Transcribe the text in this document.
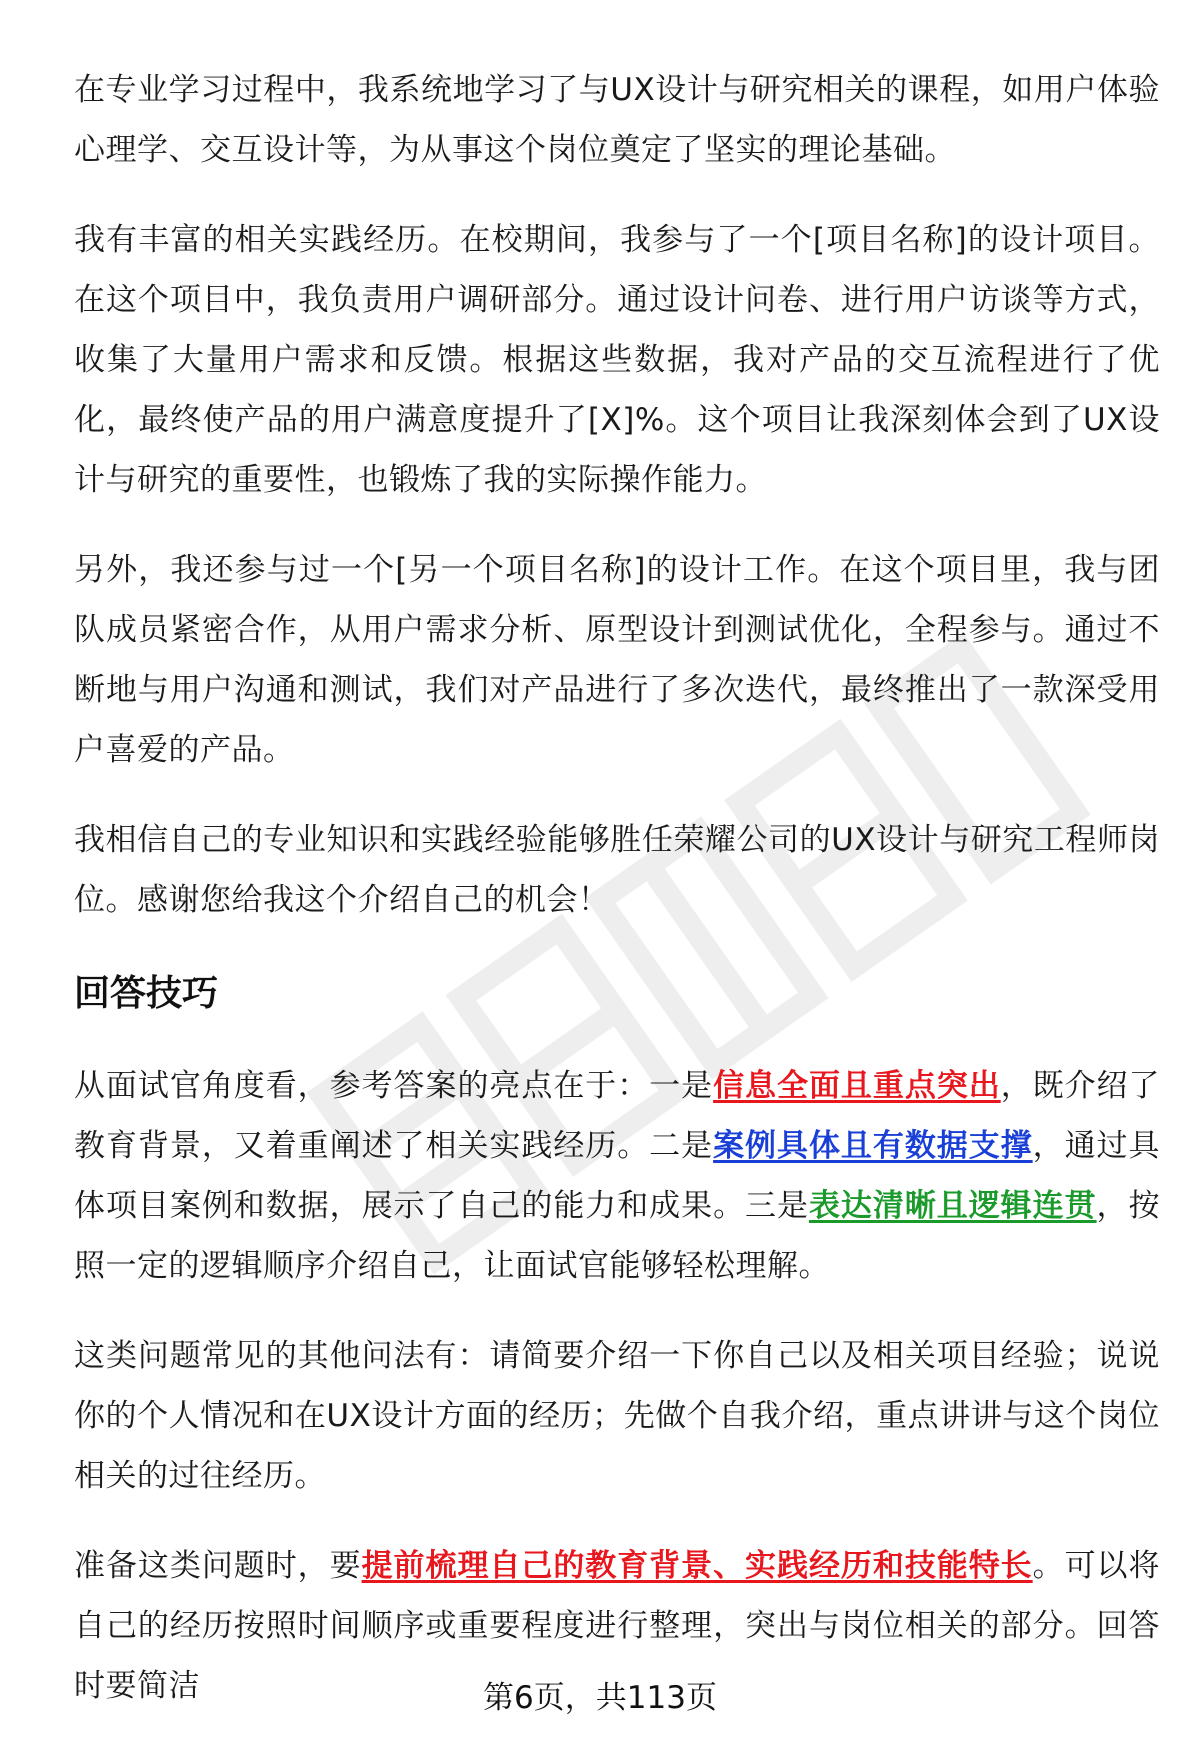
在专业学习过程中，我系统地学习了与UX设计与研究相关的课程，如用户体验心理学、交互设计等，为从事这个岗位奠定了坚实的理论基础。

我有丰富的相关实践经历。在校期间，我参与了一个[项目名称]的设计项目。在这个项目中，我负责用户调研部分。通过设计问卷、进行用户访谈等方式，收集了大量用户需求和反馈。根据这些数据，我对产品的交互流程进行了优化，最终使产品的用户满意度提升了[X]%。这个项目让我深刻体会到了UX设计与研究的重要性，也锻炼了我的实际操作能力。

另外，我还参与过一个[另一个项目名称]的设计工作。在这个项目里，我与团队成员紧密合作，从用户需求分析、原型设计到测试优化，全程参与。通过不断地与用户沟通和测试，我们对产品进行了多次迭代，最终推出了一款深受用户喜爱的产品。

我相信自己的专业知识和实践经验能够胜任荣耀公司的UX设计与研究工程师岗位。感谢您给我这个介绍自己的机会！

回答技巧

从面试官角度看，参考答案的亮点在于：一是信息全面且重点突出，既介绍了教育背景，又着重阐述了相关实践经历。二是案例具体且有数据支撑，通过具体项目案例和数据，展示了自己的能力和成果。三是表达清晰且逻辑连贯，按照一定的逻辑顺序介绍自己，让面试官能够轻松理解。

这类问题常见的其他问法有：请简要介绍一下你自己以及相关项目经验；说说你的个人情况和在UX设计方面的经历；先做个自我介绍，重点讲讲与这个岗位相关的过往经历。

准备这类问题时，要提前梳理自己的教育背景、实践经历和技能特长。可以将自己的经历按照时间顺序或重要程度进行整理，突出与岗位相关的部分。回答时要简洁	第6页，共113页
